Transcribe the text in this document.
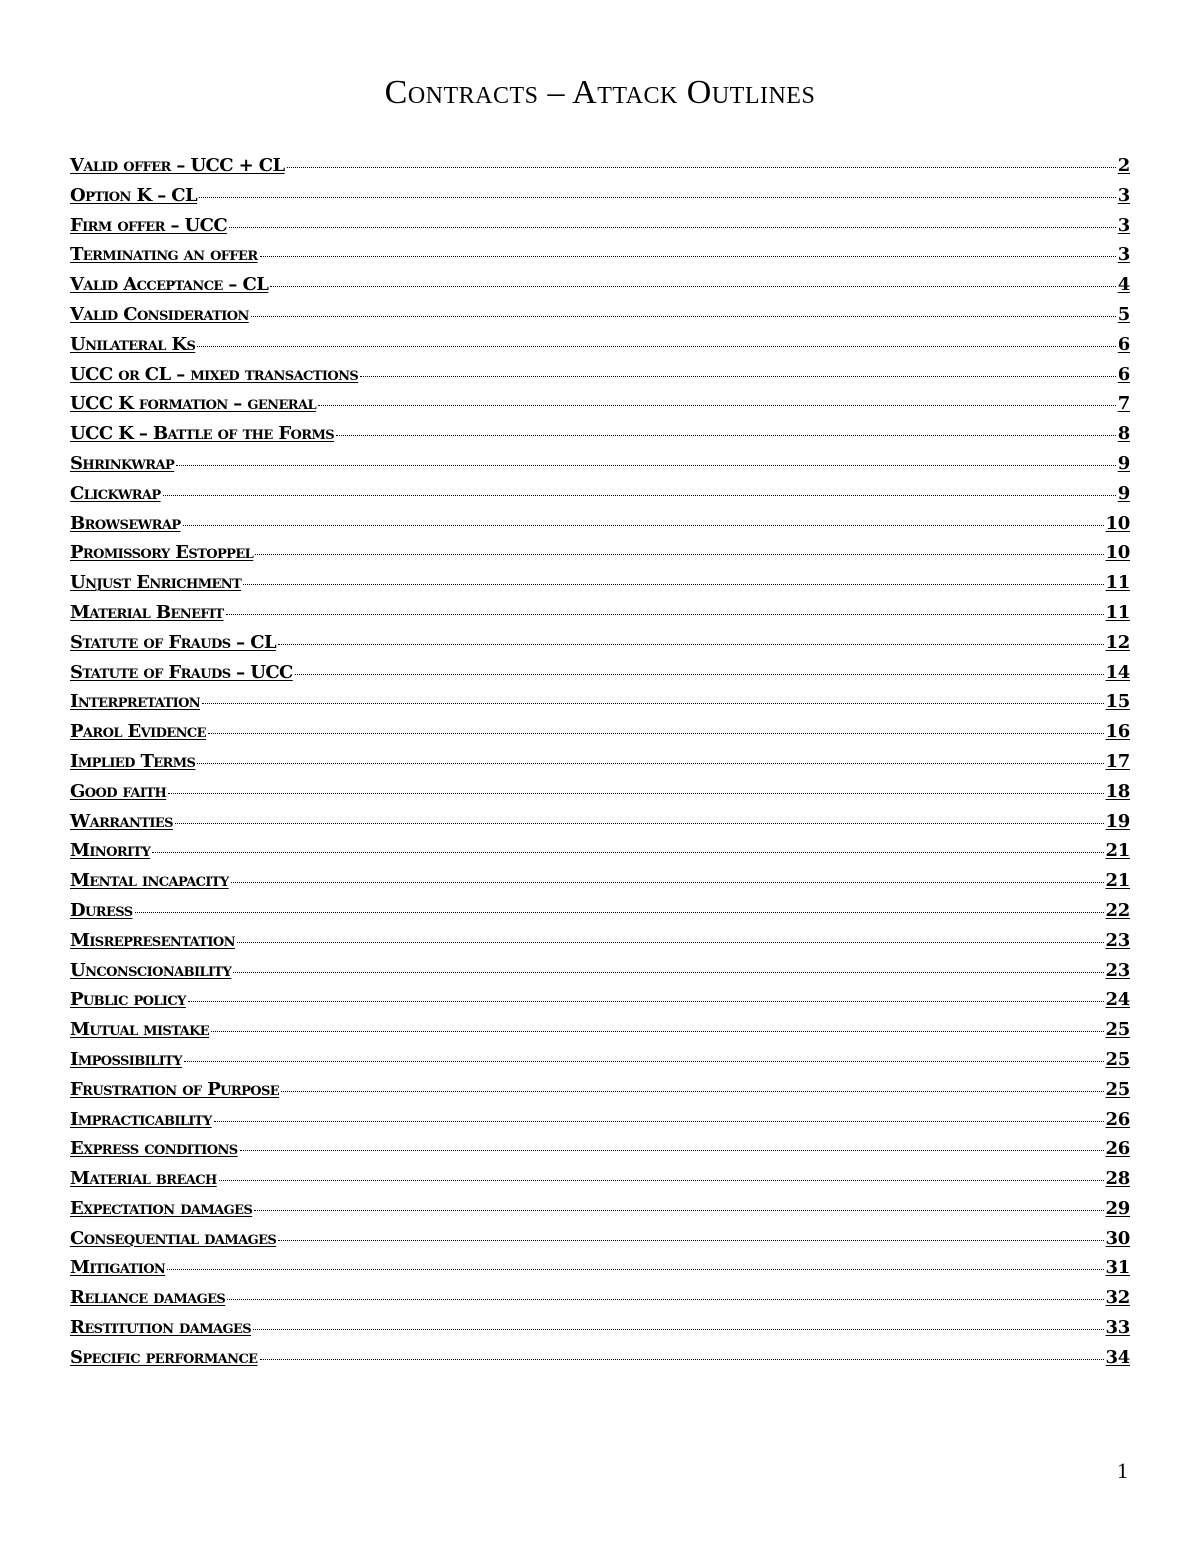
Contracts – Attack Outlines
Valid offer – UCC + CL	2
Option K – CL	3
Firm offer – UCC	3
Terminating an offer	3
Valid Acceptance – CL	4
Valid Consideration	5
Unilateral Ks	6
UCC or CL – mixed transactions	6
UCC K formation – general	7
UCC K – Battle of the Forms	8
Shrinkwrap	9
Clickwrap	9
Browsewrap	10
Promissory Estoppel	10
Unjust Enrichment	11
Material Benefit	11
Statute of Frauds – CL	12
Statute of Frauds – UCC	14
Interpretation	15
Parol Evidence	16
Implied Terms	17
Good faith	18
Warranties	19
Minority	21
Mental incapacity	21
Duress	22
Misrepresentation	23
Unconscionability	23
Public policy	24
Mutual mistake	25
Impossibility	25
Frustration of Purpose	25
Impracticability	26
Express conditions	26
Material breach	28
Expectation damages	29
Consequential damages	30
Mitigation	31
Reliance damages	32
Restitution damages	33
Specific performance	34
1
